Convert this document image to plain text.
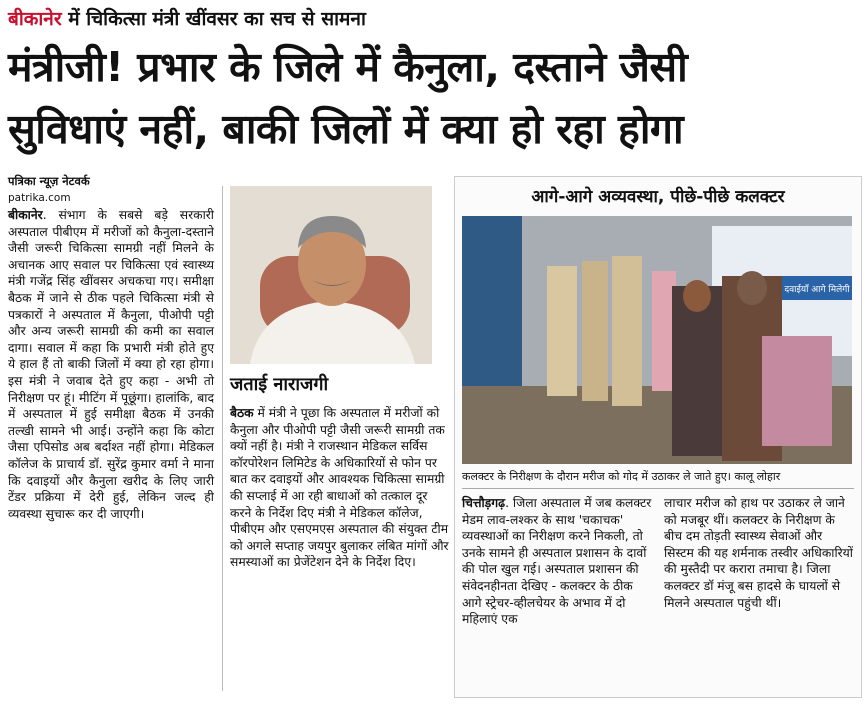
बीकानेर में चिकित्सा मंत्री खींवसर का सच से सामना
मंत्रीजी! प्रभार के जिले में कैनुला, दस्ताने जैसी
सुविधाएं नहीं, बाकी जिलों में क्या हो रहा होगा
पत्रिका न्यूज़ नेटवर्क
patrika.com
बीकानेर. संभाग के सबसे बड़े सरकारी अस्पताल पीबीएम में मरीजों को कैनुला-दस्ताने जैसी जरूरी चिकित्सा सामग्री नहीं मिलने के अचानक आए सवाल पर चिकित्सा एवं स्वास्थ्य मंत्री गजेंद्र सिंह खींवसर अचकचा गए। समीक्षा बैठक में जाने से ठीक पहले चिकित्सा मंत्री से पत्रकारों ने अस्पताल में कैनुला, पीओपी पट्टी और अन्य जरूरी सामग्री की कमी का सवाल दागा। सवाल में कहा कि प्रभारी मंत्री होते हुए ये हाल हैं तो बाकी जिलों में क्या हो रहा होगा। इस मंत्री ने जवाब देते हुए कहा - अभी तो निरीक्षण पर हूं। मीटिंग में पूछूंगा। हालांकि, बाद में अस्पताल में हुई समीक्षा बैठक में उनकी तल्खी सामने भी आई। उन्होंने कहा कि कोटा जैसा एपिसोड अब बर्दाश्त नहीं होगा। मेडिकल कॉलेज के प्राचार्य डॉ. सुरेंद्र कुमार वर्मा ने माना कि दवाइयों और कैनुला खरीद के लिए जारी टेंडर प्रक्रिया में देरी हुई, लेकिन जल्द ही व्यवस्था सुचारू कर दी जाएगी।
जताई नाराजगी
बैठक में मंत्री ने पूछा कि अस्पताल में मरीजों को कैनुला और पीओपी पट्टी जैसी जरूरी सामग्री तक क्यों नहीं है। मंत्री ने राजस्थान मेडिकल सर्विस कॉरपोरेशन लिमिटेड के अधिकारियों से फोन पर बात कर दवाइयों और आवश्यक चिकित्सा सामग्री की सप्लाई में आ रही बाधाओं को तत्काल दूर करने के निर्देश दिए मंत्री ने मेडिकल कॉलेज, पीबीएम और एसएमएस अस्पताल की संयुक्त टीम को अगले सप्ताह जयपुर बुलाकर लंबित मांगों और समस्याओं का प्रेजेंटेशन देने के निर्देश दिए।
आगे-आगे अव्यवस्था, पीछे-पीछे कलक्टर
दवाईयाँ आगे मिलेगी
कलक्टर के निरीक्षण के दौरान मरीज को गोद में उठाकर ले जाते हुए। कालू लोहार
चित्तौड़गढ़. जिला अस्पताल में जब कलक्टर मेडम लाव-लश्कर के साथ 'चकाचक' व्यवस्थाओं का निरीक्षण करने निकली, तो उनके सामने ही अस्पताल प्रशासन के दावों की पोल खुल गई। अस्पताल प्रशासन की संवेदनहीनता देखिए - कलक्टर के ठीक आगे स्ट्रेचर-व्हीलचेयर के अभाव में दो महिलाएं एक
लाचार मरीज को हाथ पर उठाकर ले जाने को मजबूर थीं। कलक्टर के निरीक्षण के बीच दम तोड़ती स्वास्थ्य सेवाओं और सिस्टम की यह शर्मनाक तस्वीर अधिकारियों की मुस्तैदी पर करारा तमाचा है। जिला कलक्टर डॉ मंजू बस हादसे के घायलों से मिलने अस्पताल पहुंची थीं।
